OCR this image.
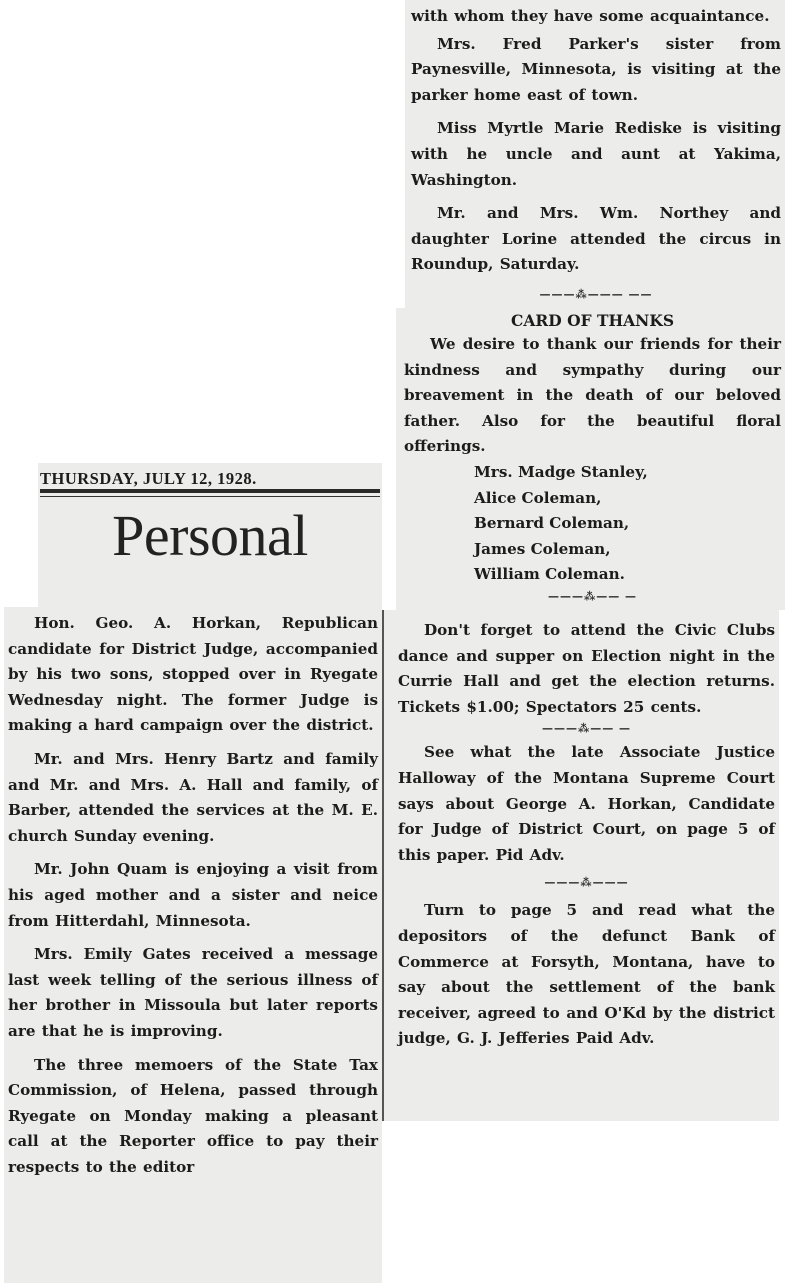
with whom they have some acquaintance.

Mrs. Fred Parker's sister from Paynesville, Minnesota, is visiting at the parker home east of town.

Miss Myrtle Marie Rediske is visiting with he uncle and aunt at Yakima, Washington.

Mr. and Mrs. Wm. Northey and daughter Lorine attended the circus in Roundup, Saturday.

———⁂——— ——

CARD OF THANKS

We desire to thank our friends for their kindness and sympathy during our breavement in the death of our beloved father. Also for the beautiful floral offerings.

Mrs. Madge Stanley,

Alice Coleman,

Bernard Coleman,

James Coleman,

William Coleman.

———⁂—— —

THURSDAY, JULY 12, 1928.
Personal

Hon. Geo. A. Horkan, Republican candidate for District Judge, accompanied by his two sons, stopped over in Ryegate Wednesday night. The former Judge is making a hard campaign over the district.

Mr. and Mrs. Henry Bartz and family and Mr. and Mrs. A. Hall and family, of Barber, attended the services at the M. E. church Sunday evening.

Mr. John Quam is enjoying a visit from his aged mother and a sister and neice from Hitterdahl, Minnesota.

Mrs. Emily Gates received a message last week telling of the serious illness of her brother in Missoula but later reports are that he is improving.

The three memoers of the State Tax Commission, of Helena, passed through Ryegate on Monday making a pleasant call at the Reporter office to pay their respects to the editor

Don't forget to attend the Civic Clubs dance and supper on Election night in the Currie Hall and get the election returns. Tickets $1.00; Spectators 25 cents.

———⁂—— —

See what the late Associate Justice Halloway of the Montana Supreme Court says about George A. Horkan, Candidate for Judge of District Court, on page 5 of this paper. Pid Adv.

———⁂———

Turn to page 5 and read what the depositors of the defunct Bank of Commerce at Forsyth, Montana, have to say about the settlement of the bank receiver, agreed to and O'Kd by the district judge, G. J. Jefferies Paid Adv.
